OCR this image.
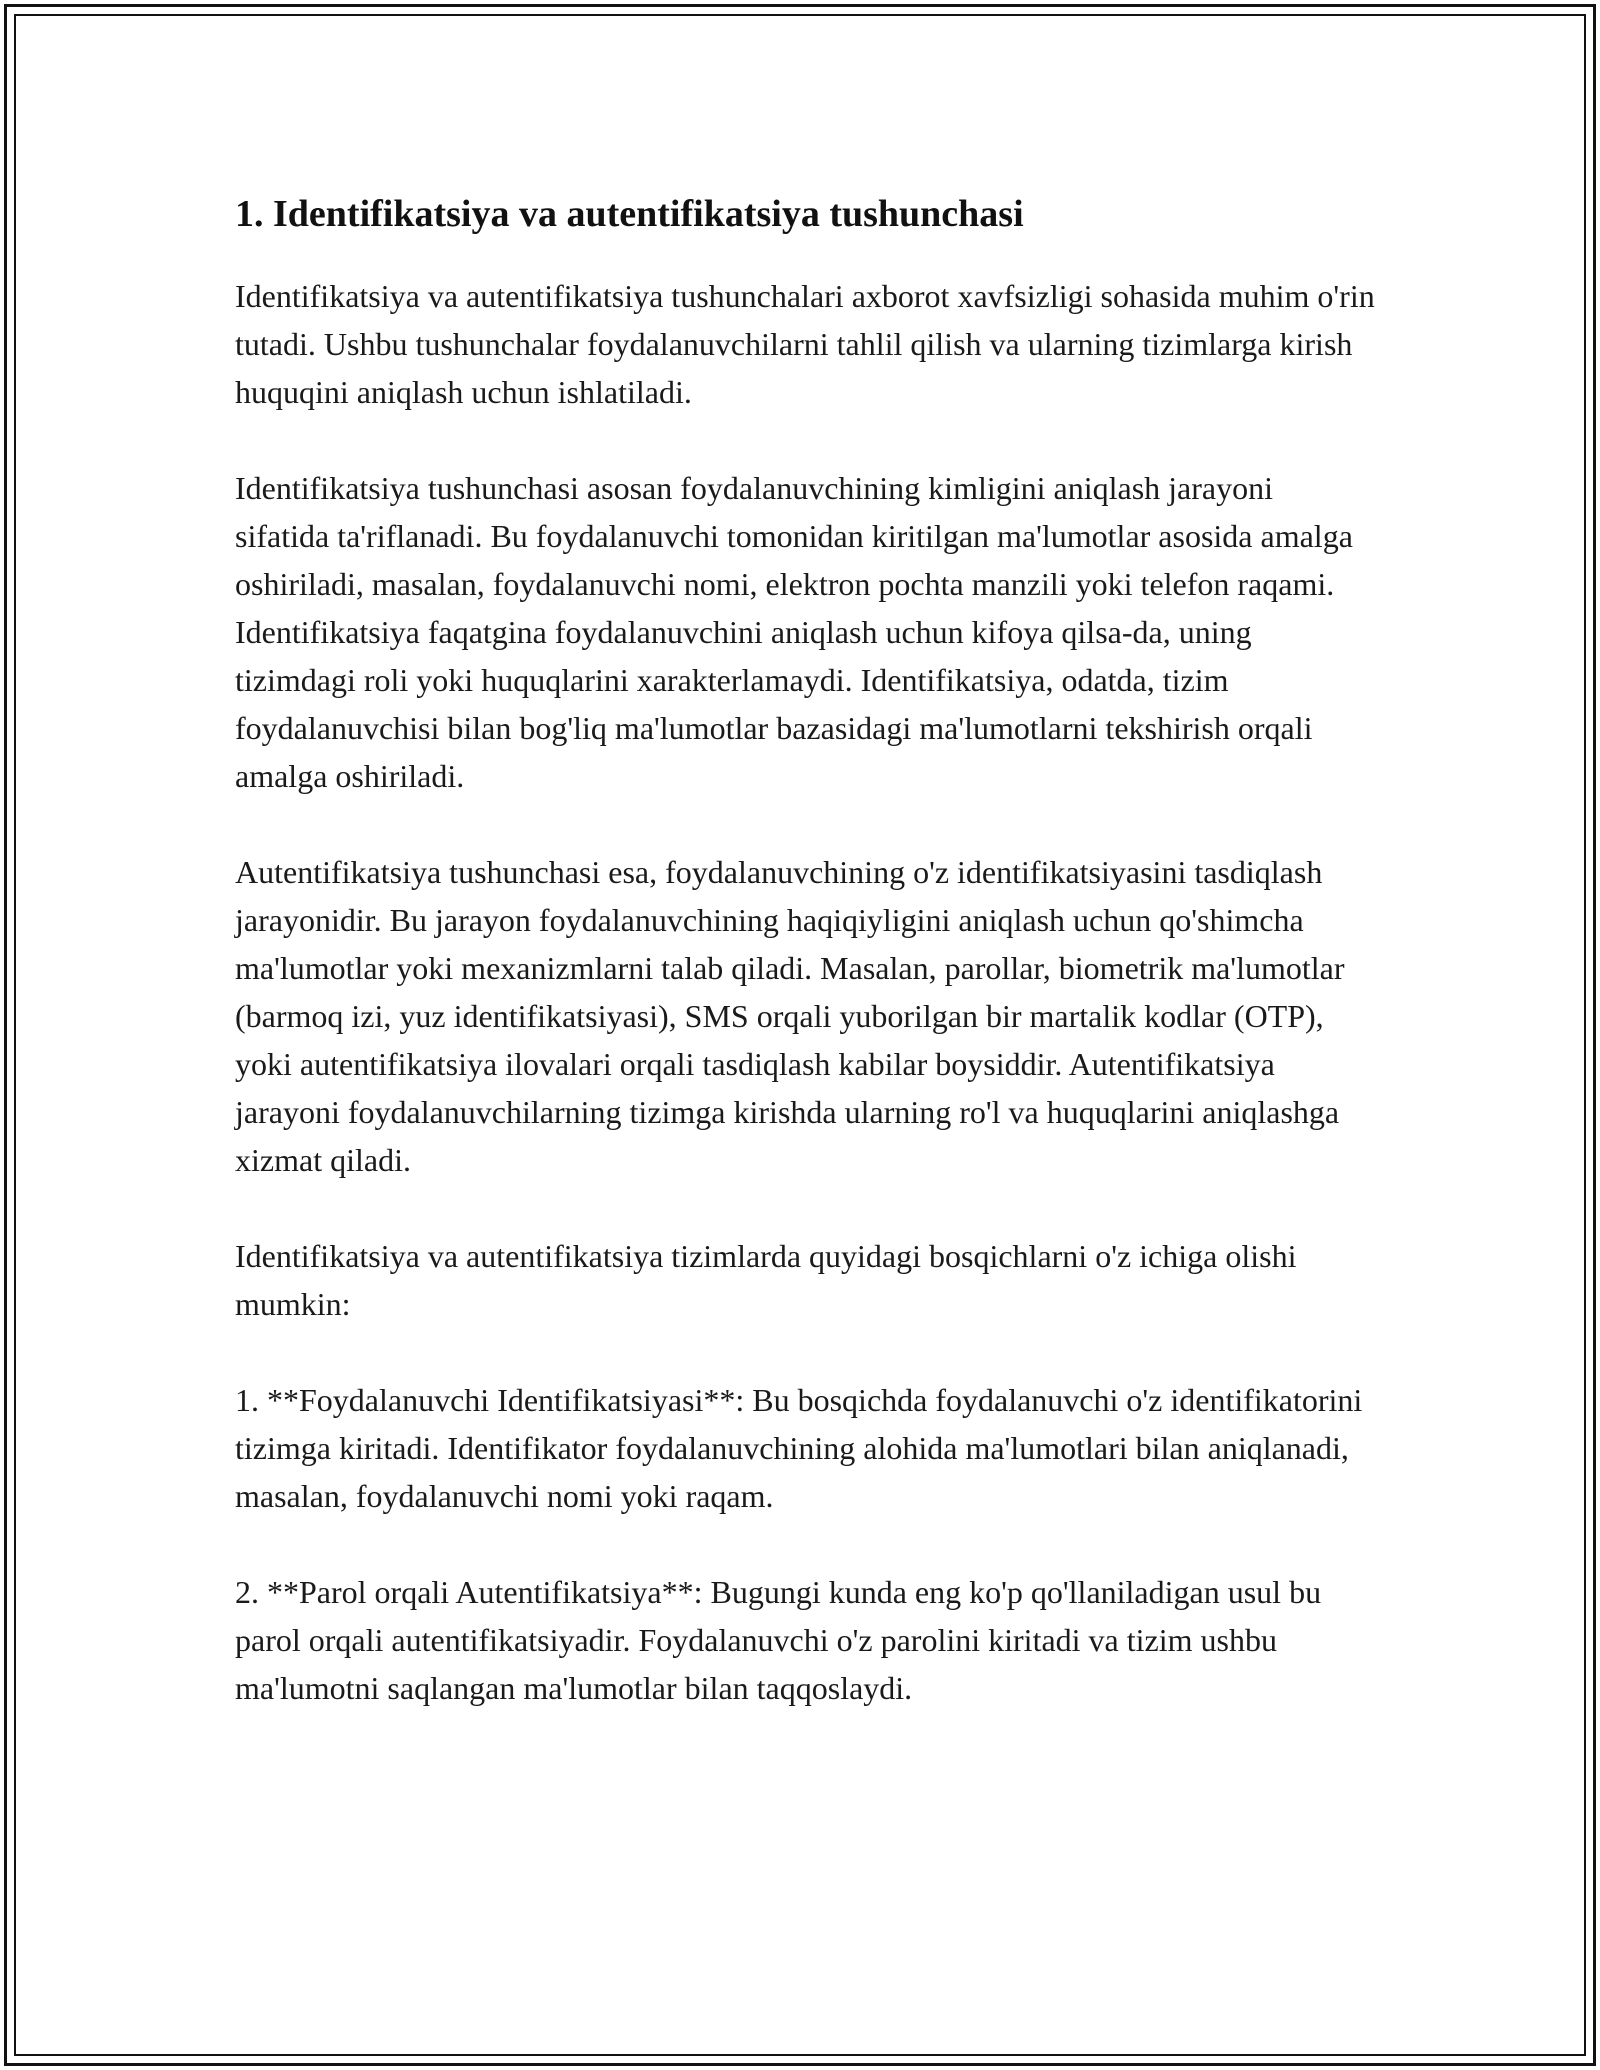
1. Identifikatsiya va autentifikatsiya tushunchasi

Identifikatsiya va autentifikatsiya tushunchalari axborot xavfsizligi sohasida muhim o'rin tutadi. Ushbu tushunchalar foydalanuvchilarni tahlil qilish va ularning tizimlarga kirish huquqini aniqlash uchun ishlatiladi.

Identifikatsiya tushunchasi asosan foydalanuvchining kimligini aniqlash jarayoni sifatida ta'riflanadi. Bu foydalanuvchi tomonidan kiritilgan ma'lumotlar asosida amalga oshiriladi, masalan, foydalanuvchi nomi, elektron pochta manzili yoki telefon raqami. Identifikatsiya faqatgina foydalanuvchini aniqlash uchun kifoya qilsa-da, uning tizimdagi roli yoki huquqlarini xarakterlamaydi. Identifikatsiya, odatda, tizim foydalanuvchisi bilan bog'liq ma'lumotlar bazasidagi ma'lumotlarni tekshirish orqali amalga oshiriladi.

Autentifikatsiya tushunchasi esa, foydalanuvchining o'z identifikatsiyasini tasdiqlash jarayonidir. Bu jarayon foydalanuvchining haqiqiyligini aniqlash uchun qo'shimcha ma'lumotlar yoki mexanizmlarni talab qiladi. Masalan, parollar, biometrik ma'lumotlar (barmoq izi, yuz identifikatsiyasi), SMS orqali yuborilgan bir martalik kodlar (OTP), yoki autentifikatsiya ilovalari orqali tasdiqlash kabilar boysiddir. Autentifikatsiya jarayoni foydalanuvchilarning tizimga kirishda ularning ro'l va huquqlarini aniqlashga xizmat qiladi.

Identifikatsiya va autentifikatsiya tizimlarda quyidagi bosqichlarni o'z ichiga olishi mumkin:

1. **Foydalanuvchi Identifikatsiyasi**: Bu bosqichda foydalanuvchi o'z identifikatorini tizimga kiritadi. Identifikator foydalanuvchining alohida ma'lumotlari bilan aniqlanadi, masalan, foydalanuvchi nomi yoki raqam.

2. **Parol orqali Autentifikatsiya**: Bugungi kunda eng ko'p qo'llaniladigan usul bu parol orqali autentifikatsiyadir. Foydalanuvchi o'z parolini kiritadi va tizim ushbu ma'lumotni saqlangan ma'lumotlar bilan taqqoslaydi.
